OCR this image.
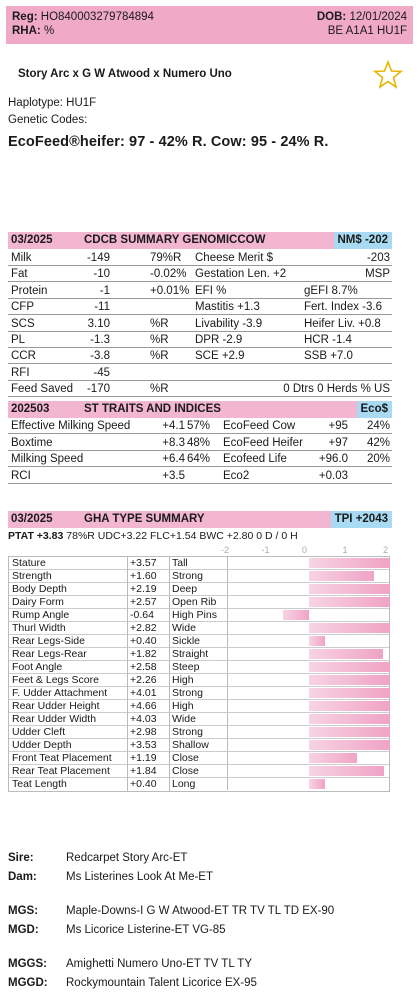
Reg: HO840003279784894	DOB: 12/01/2024
RHA: %	BE A1A1 HU1F
Story Arc x G W Atwood x Numero Uno
Haplotype: HU1F
Genetic Codes:
EcoFeed®heifer: 97 - 42% R. Cow: 95 - 24% R.
03/2025	CDCB SUMMARY GENOMICCOW	NM$ -202
Milk	-149	79%R Cheese Merit $	-203
Fat	-10	-0.02% Gestation Len. +2	MSP
Protein	-1	+0.01% EFI %	gEFI 8.7%
CFP	-11	Mastitis +1.3	Fert. Index -3.6
SCS	3.10	%R Livability -3.9	Heifer Liv. +0.8
PL	-1.3	%R DPR -2.9	HCR -1.4
CCR	-3.8	%R SCE +2.9	SSB +7.0
RFI	-45
Feed Saved -170	%R	0 Dtrs 0 Herds % US
202503	ST TRAITS AND INDICES	Eco$
Effective Milking Speed	+4.1 57% EcoFeed Cow	+95 24%
Boxtime	+8.3 48% EcoFeed Heifer +97 42%
Milking Speed	+6.4 64% Ecofeed Life	+96.0 20%
RCI	+3.5	Eco2	+0.03
03/2025	GHA TYPE SUMMARY	TPI +2043
PTAT +3.83 78%R UDC+3.22 FLC+1.54 BWC +2.80 0 D / 0 H
-2	-1	0	1	2
Stature	+3.57	Tall
Strength	+1.60	Strong
Body Depth	+2.19	Deep
Dairy Form	+2.57	Open Rib
Rump Angle	-0.64	High Pins
Thurl Width	+2.82	Wide
Rear Legs-Side	+0.40	Sickle
Rear Legs-Rear	+1.82	Straight
Foot Angle	+2.58	Steep
Feet & Legs Score	+2.26	High
F. Udder Attachment +4.01	Strong
Rear Udder Height	+4.66	High
Rear Udder Width	+4.03	Wide
Udder Cleft	+2.98	Strong
Udder Depth	+3.53	Shallow
Front Teat Placement +1.19	Close
Rear Teat Placement +1.84	Close
Teat Length	+0.40	Long
Sire:	Redcarpet Story Arc-ET
Dam:	Ms Listerines Look At Me-ET
MGS: Maple-Downs-I G W Atwood-ET TR TV TL TD EX-90
MGD: Ms Licorice Listerine-ET VG-85
MGGS: Amighetti Numero Uno-ET TV TL TY
MGGD: Rockymountain Talent Licorice EX-95
